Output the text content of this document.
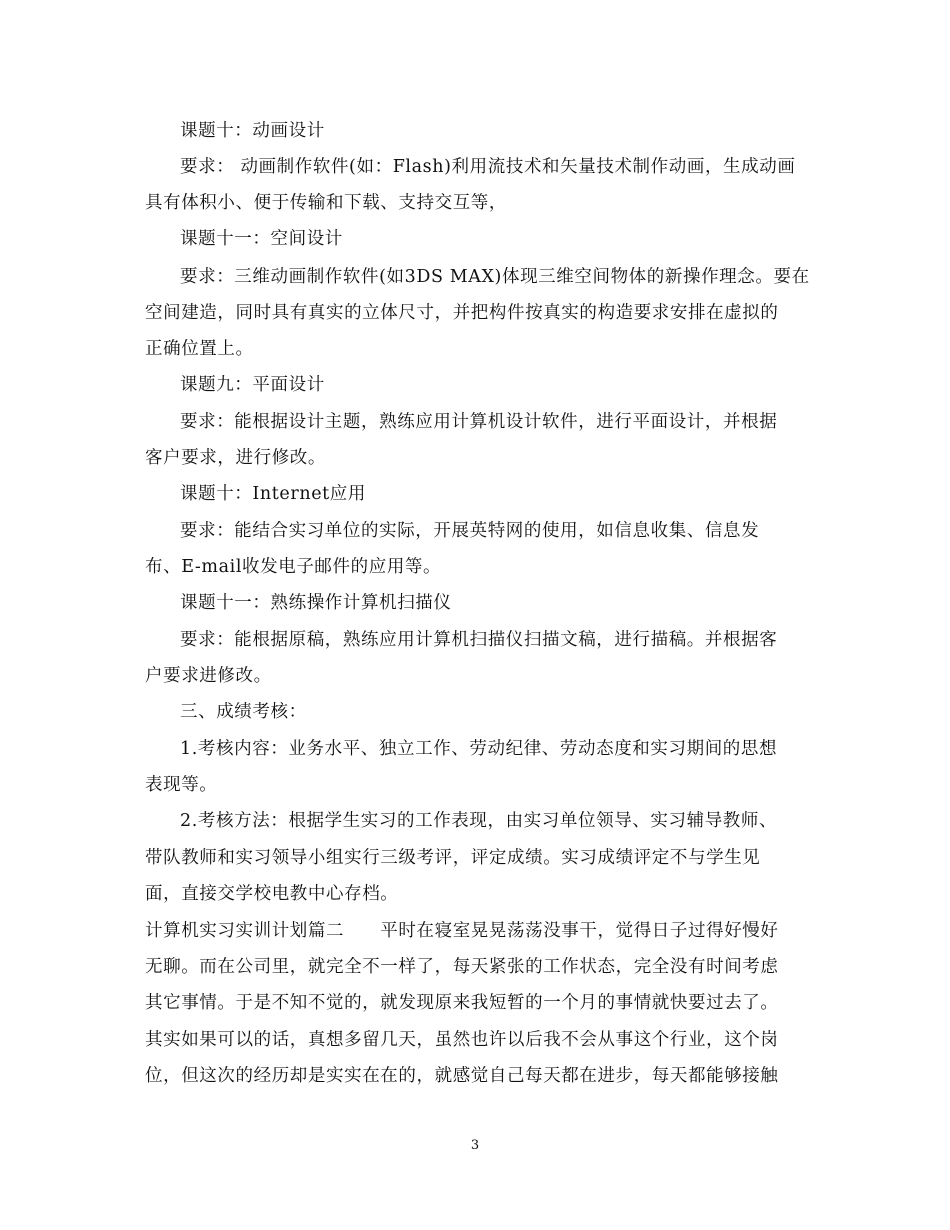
课题十：动画设计
要求： 动画制作软件(如：Flash)利用流技术和矢量技术制作动画，生成动画
具有体积小、便于传输和下载、支持交互等，
课题十一：空间设计
要求：三维动画制作软件(如3DS MAX)体现三维空间物体的新操作理念。要在
空间建造，同时具有真实的立体尺寸，并把构件按真实的构造要求安排在虚拟的
正确位置上。
课题九：平面设计
要求：能根据设计主题，熟练应用计算机设计软件，进行平面设计，并根据
客户要求，进行修改。
课题十：Internet应用
要求：能结合实习单位的实际，开展英特网的使用，如信息收集、信息发
布、E-mail收发电子邮件的应用等。
课题十一：熟练操作计算机扫描仪
要求：能根据原稿，熟练应用计算机扫描仪扫描文稿，进行描稿。并根据客
户要求进修改。
三、成绩考核：
1.考核内容：业务水平、独立工作、劳动纪律、劳动态度和实习期间的思想
表现等。
2.考核方法：根据学生实习的工作表现，由实习单位领导、实习辅导教师、
带队教师和实习领导小组实行三级考评，评定成绩。实习成绩评定不与学生见
面，直接交学校电教中心存档。
计算机实习实训计划篇二　　平时在寝室晃晃荡荡没事干，觉得日子过得好慢好
无聊。而在公司里，就完全不一样了，每天紧张的工作状态，完全没有时间考虑
其它事情。于是不知不觉的，就发现原来我短暂的一个月的事情就快要过去了。
其实如果可以的话，真想多留几天，虽然也许以后我不会从事这个行业，这个岗
位，但这次的经历却是实实在在的，就感觉自己每天都在进步，每天都能够接触
3
